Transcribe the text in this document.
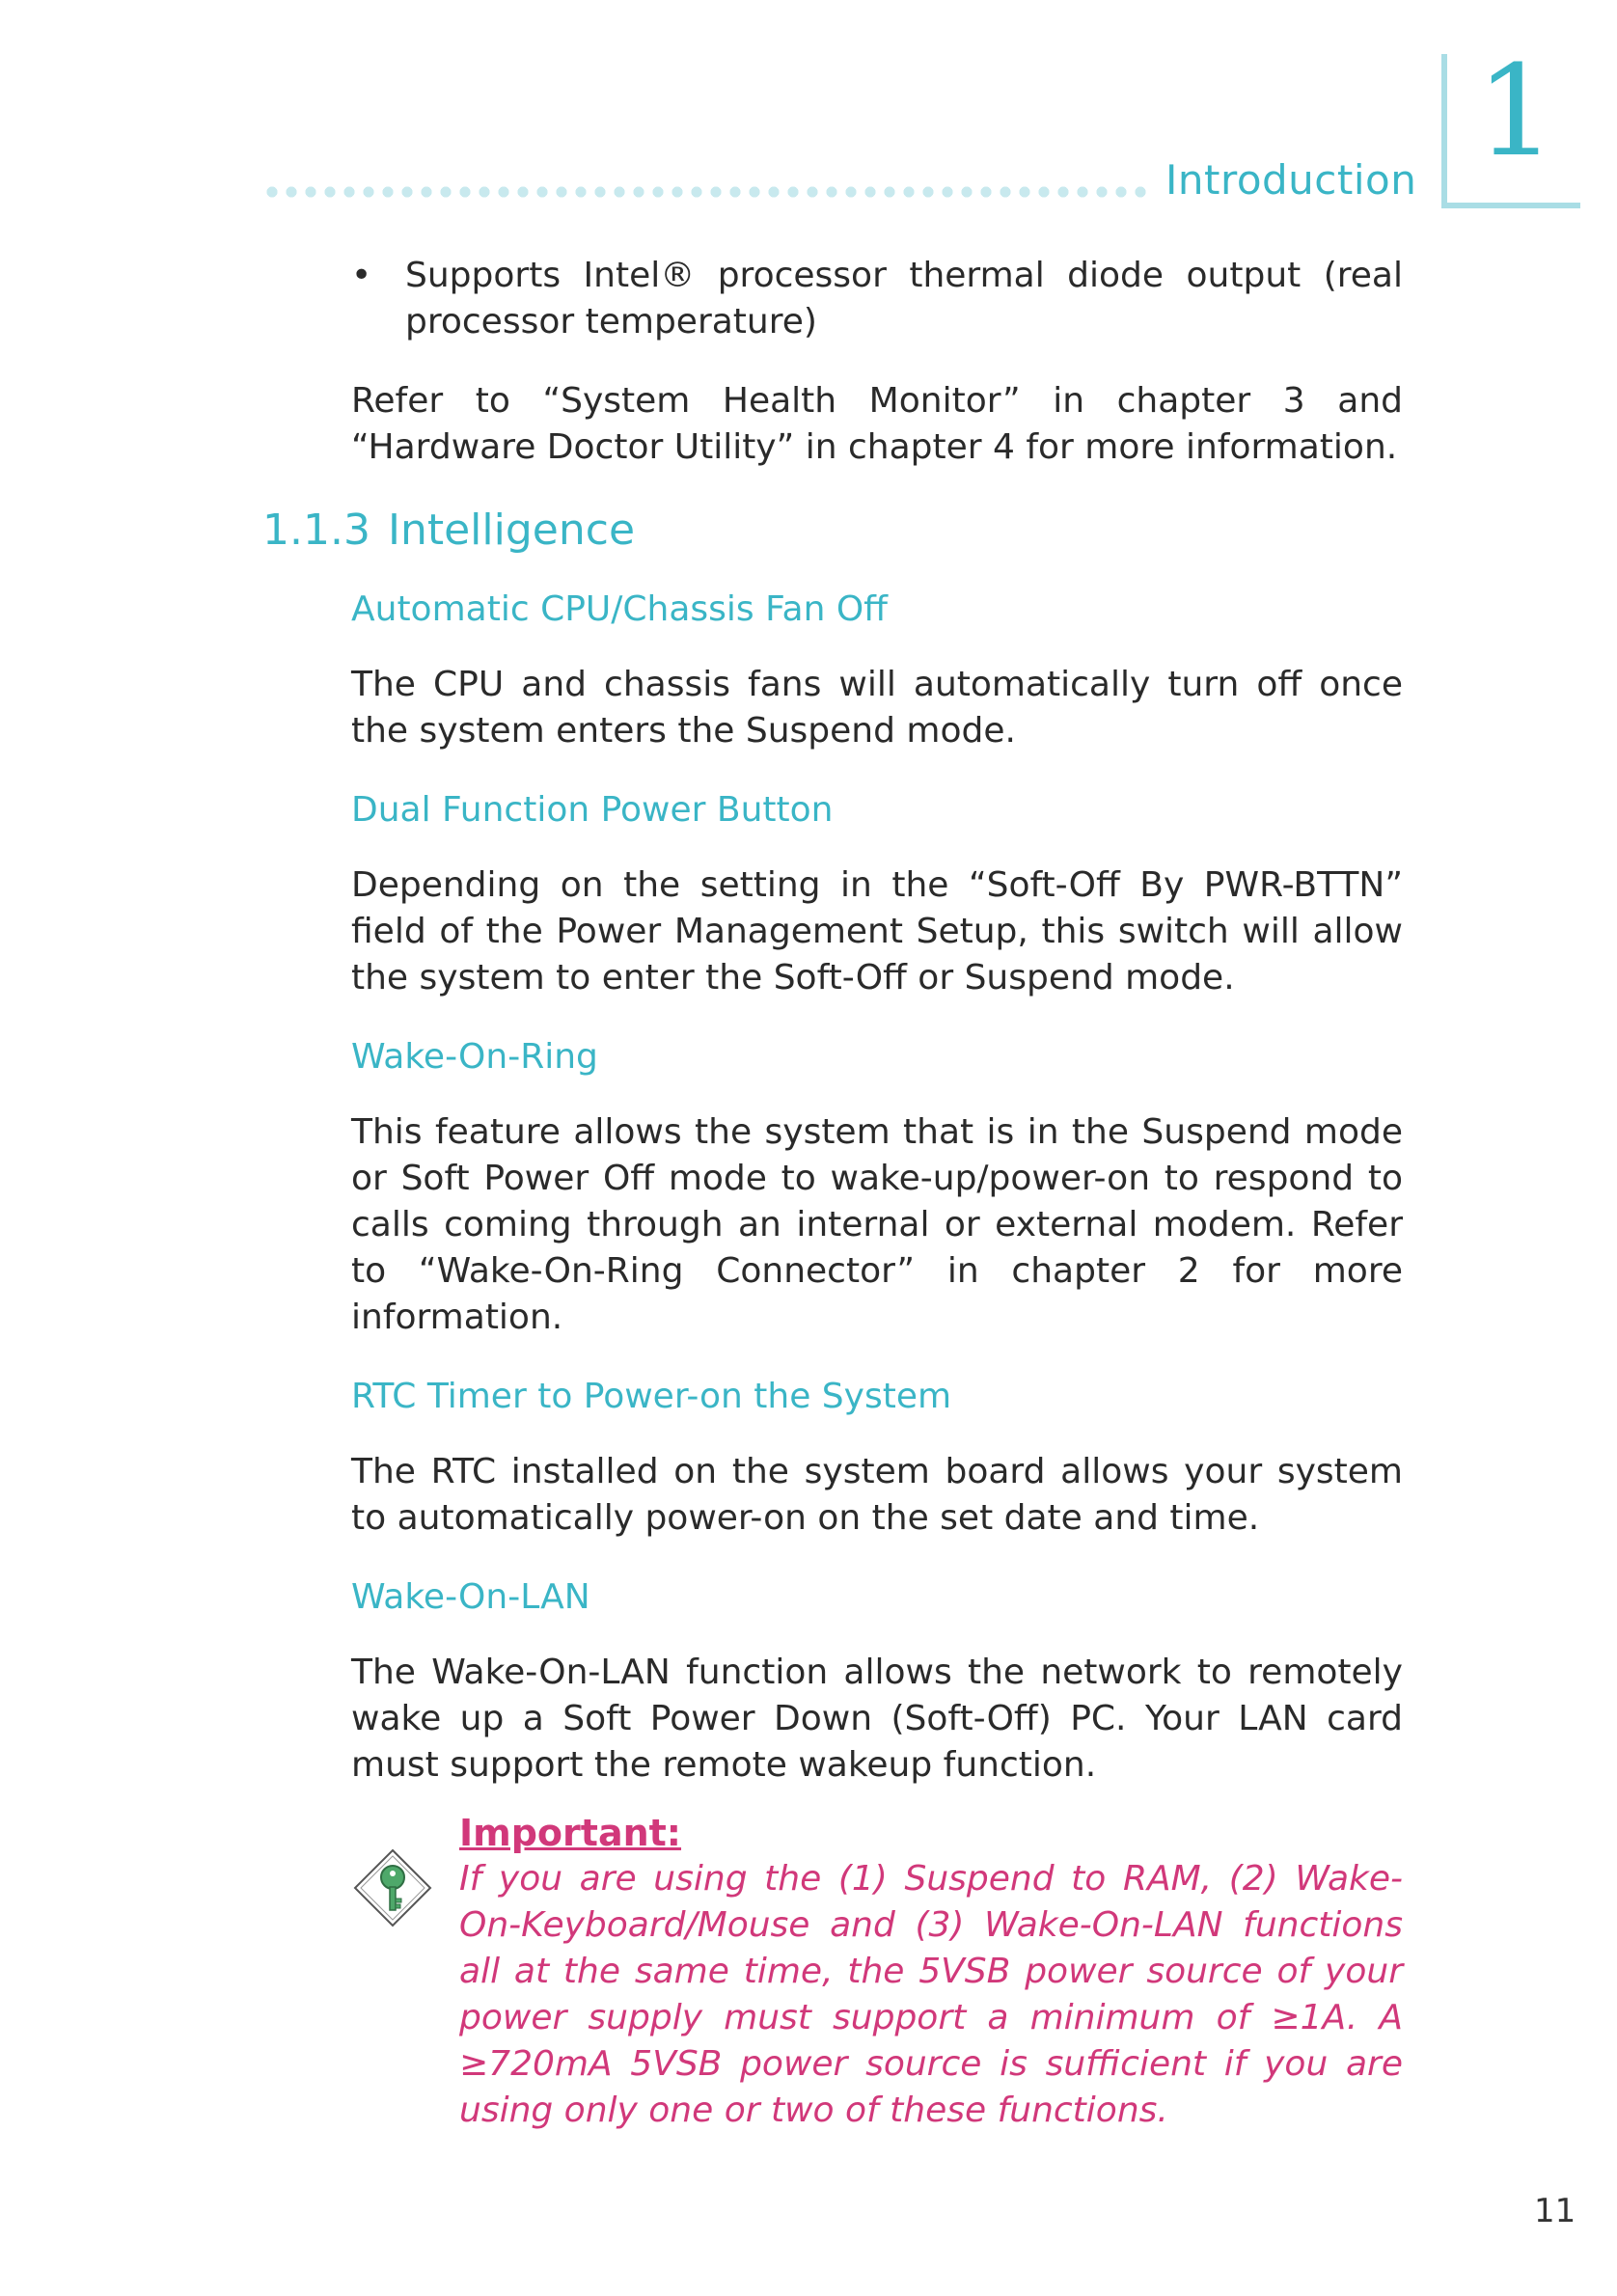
Introduction 1
• Supports Intel® processor thermal diode output (real processor temperature)

Refer to “System Health Monitor” in chapter 3 and “Hardware Doctor Utility” in chapter 4 for more information.

1.1.3 Intelligence
Automatic CPU/Chassis Fan Off

The CPU and chassis fans will automatically turn off once the system enters the Suspend mode.

Dual Function Power Button

Depending on the setting in the “Soft-Off By PWR-BTTN” field of the Power Management Setup, this switch will allow the system to enter the Soft-Off or Suspend mode.

Wake-On-Ring

This feature allows the system that is in the Suspend mode or Soft Power Off mode to wake-up/power-on to respond to calls coming through an internal or external modem. Refer to “Wake-On-Ring Connector” in chapter 2 for more information.

RTC Timer to Power-on the System

The RTC installed on the system board allows your system to automatically power-on on the set date and time.

Wake-On-LAN

The Wake-On-LAN function allows the network to remotely wake up a Soft Power Down (Soft-Off) PC. Your LAN card must support the remote wakeup function.

Important:
If you are using the (1) Suspend to RAM, (2) Wake-On-Keyboard/Mouse and (3) Wake-On-LAN functions all at the same time, the 5VSB power source of your power supply must support a minimum of ≥1A. A ≥720mA 5VSB power source is sufficient if you are using only one or two of these functions.
11
